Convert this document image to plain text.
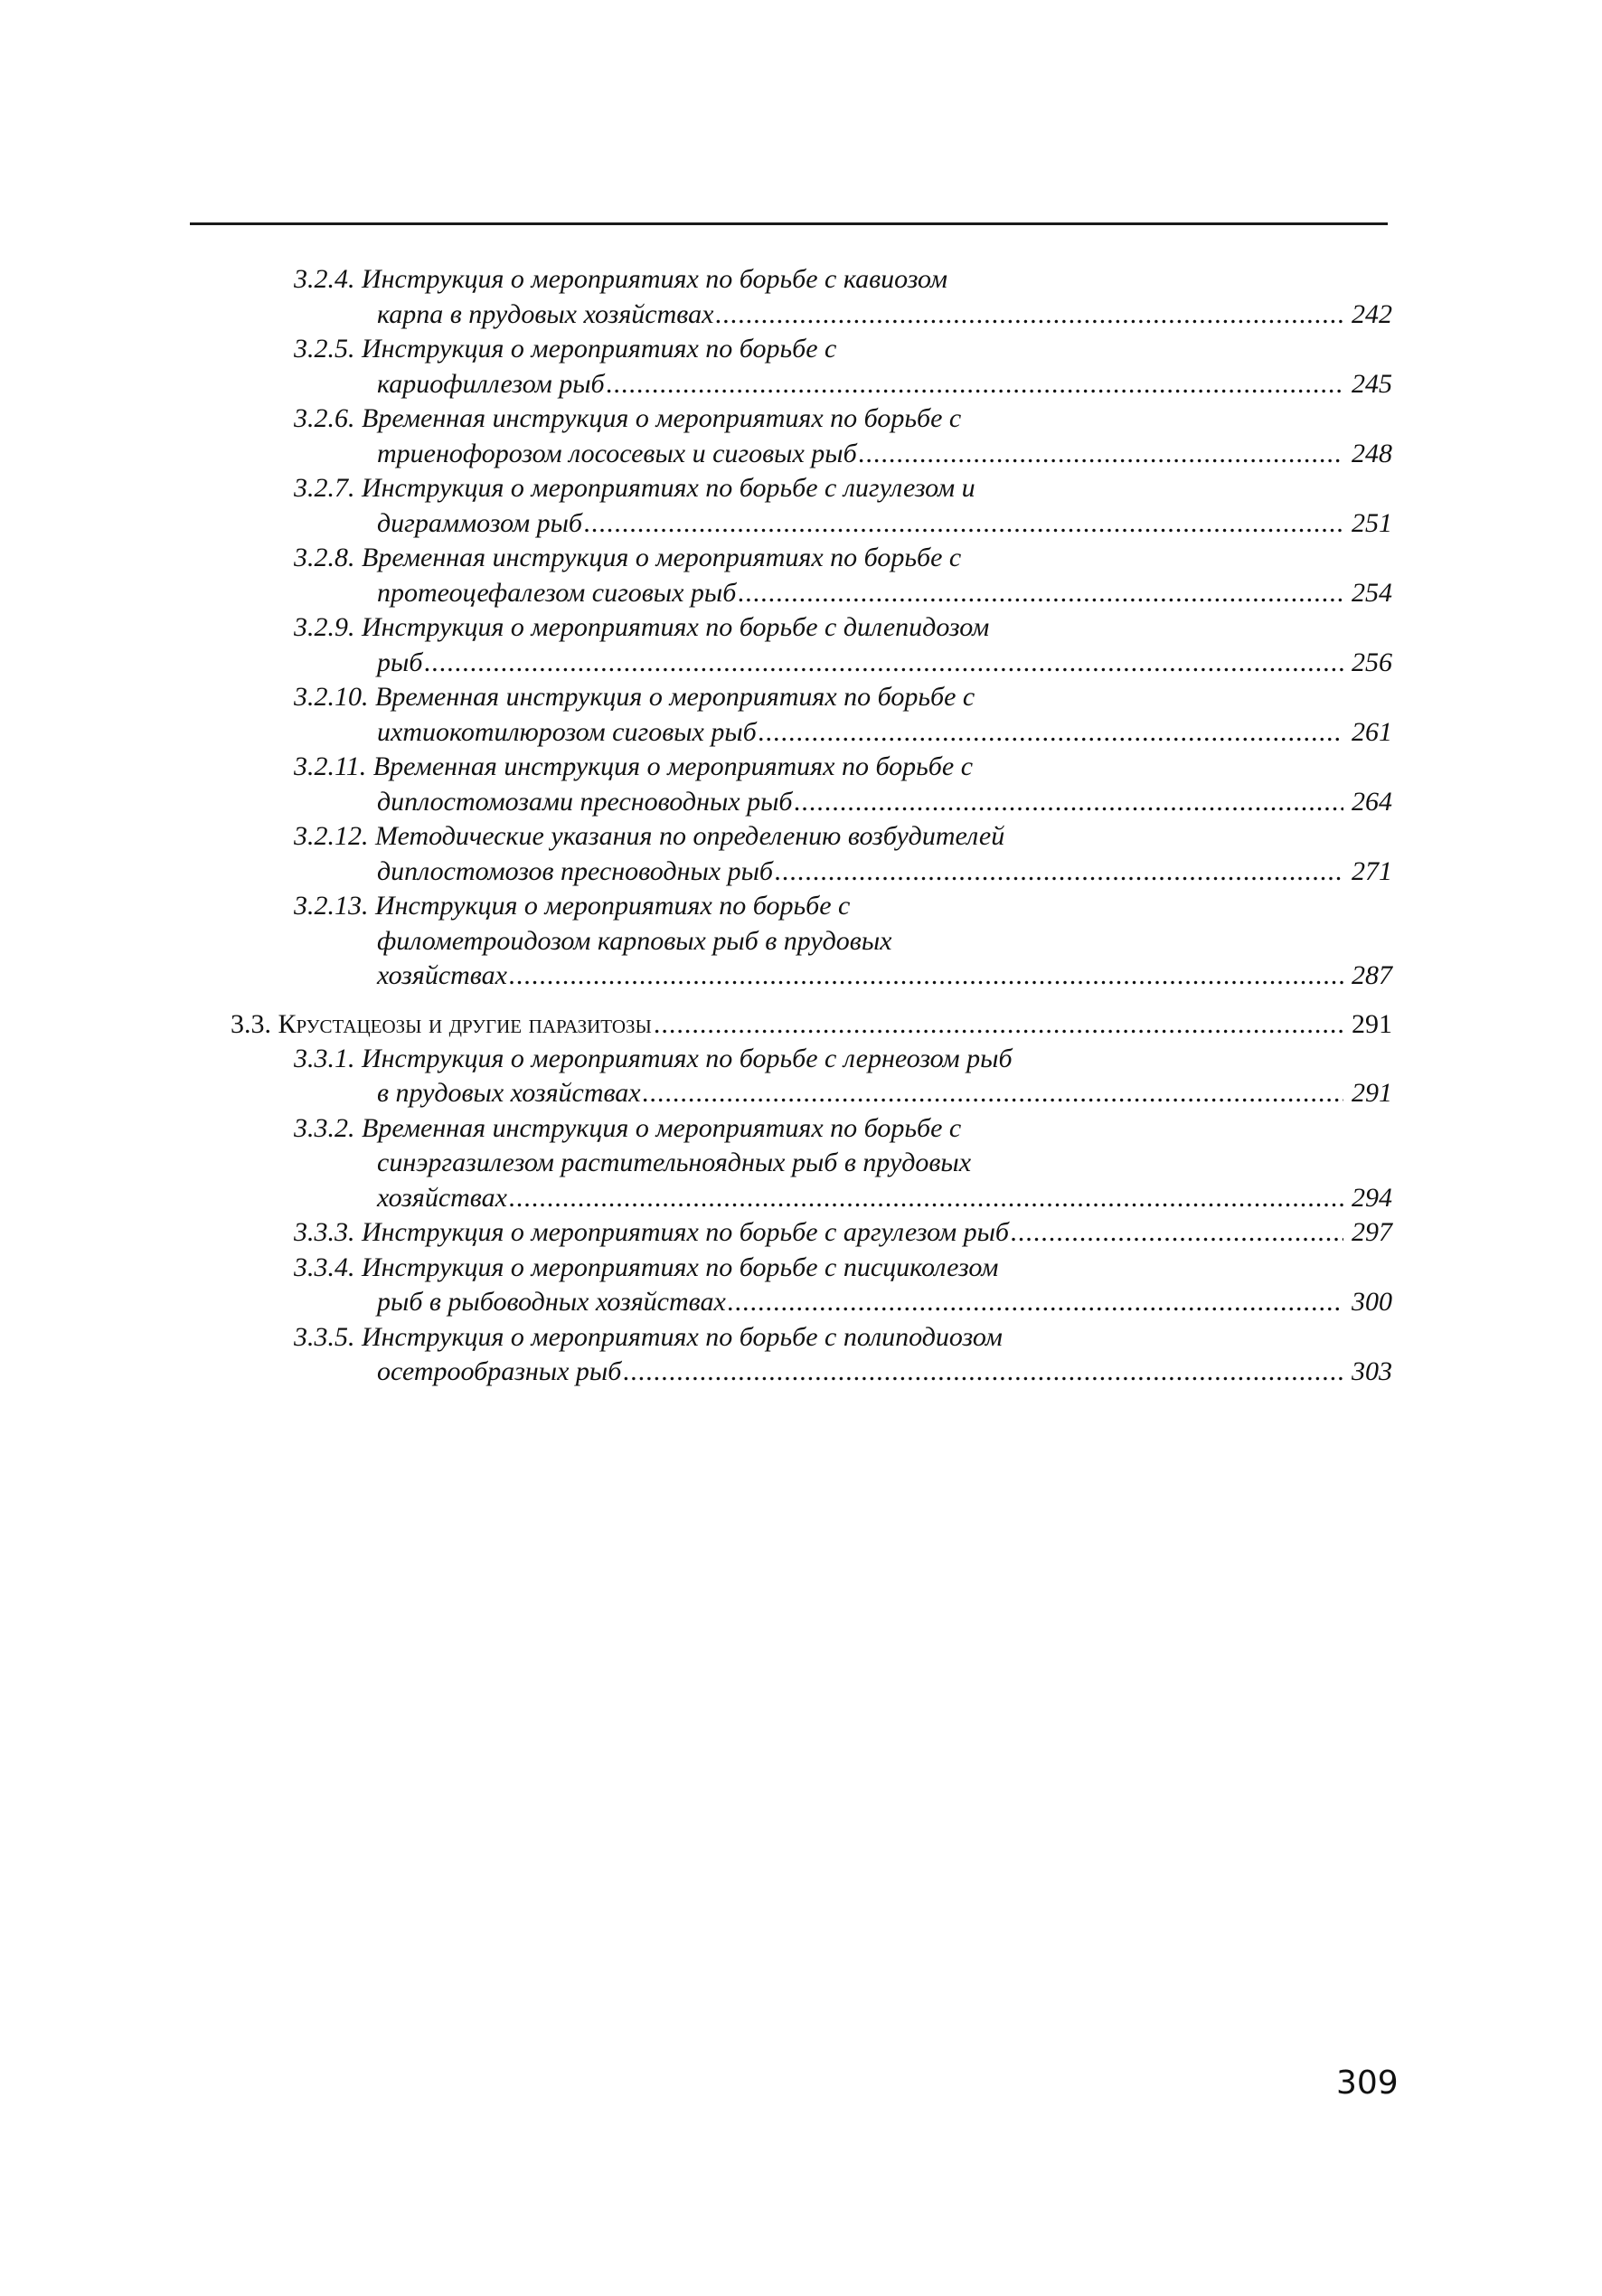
3.2.4. Инструкция о мероприятиях по борьбе с кавиозом
карпа в прудовых хозяйствах .....	242
3.2.5. Инструкция о мероприятиях по борьбе с
кариофиллезом рыб .....	245
3.2.6. Временная инструкция о мероприятиях по борьбе с
триенофорозом лососевых и сиговых рыб .....	248
3.2.7. Инструкция о мероприятиях по борьбе с лигулезом и
диграммозом рыб .....	251
3.2.8. Временная инструкция о мероприятиях по борьбе с
протеоцефалезом сиговых рыб .....	254
3.2.9. Инструкция о мероприятиях по борьбе с дилепидозом
рыб .....	256
3.2.10. Временная инструкция о мероприятиях по борьбе с
ихтиокотилюрозом сиговых рыб .....	261
3.2.11. Временная инструкция о мероприятиях по борьбе с
диплостомозами пресноводных рыб .....	264
3.2.12. Методические указания по определению возбудителей
диплостомозов пресноводных рыб .....	271
3.2.13. Инструкция о мероприятиях по борьбе с
филометроидозом карповых рыб в прудовых
хозяйствах .....	287
3.3. Крустацеозы и другие паразитозы .....	291
3.3.1. Инструкция о мероприятиях по борьбе с лернеозом рыб
в прудовых хозяйствах .....	291
3.3.2. Временная инструкция о мероприятиях по борьбе с
синэргазилезом растительноядных рыб в прудовых
хозяйствах .....	294
3.3.3. Инструкция о мероприятиях по борьбе с аргулезом рыб .....	297
3.3.4. Инструкция о мероприятиях по борьбе с писциколезом
рыб в рыбоводных хозяйствах .....	300
3.3.5. Инструкция о мероприятиях по борьбе с полиподиозом
осетрообразных рыб .....	303
309
